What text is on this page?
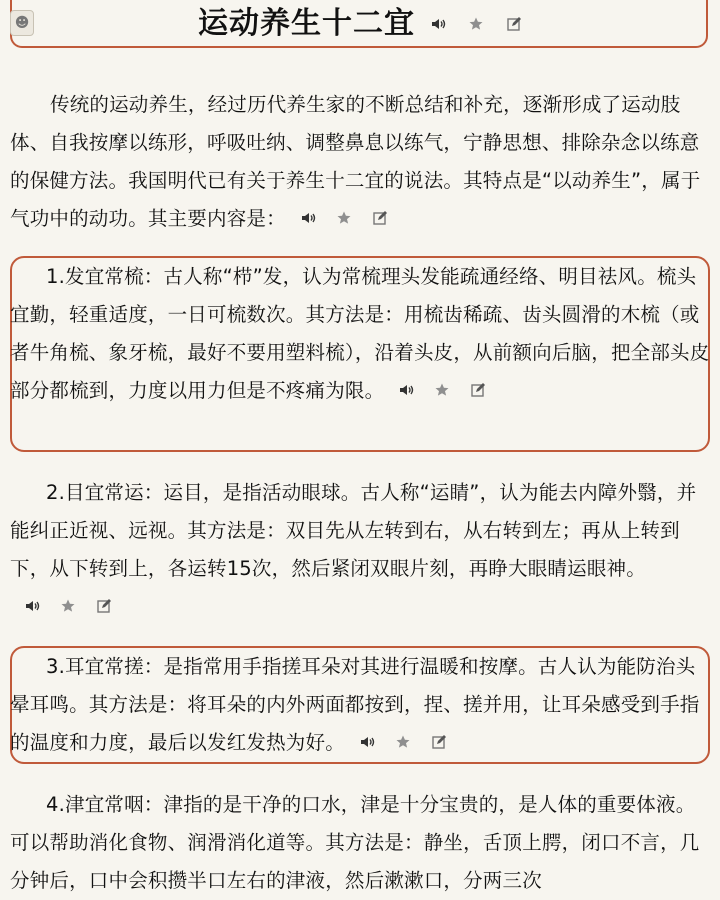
☻	运动养生十二宜

传统的运动养生，经过历代养生家的不断总结和补充，逐渐形成了运动肢体、自我按摩以练形，呼吸吐纳、调整鼻息以练气，宁静思想、排除杂念以练意的保健方法。我国明代已有关于养生十二宜的说法。其特点是“以动养生”，属于气功中的动功。其主要内容是：

1.发宜常梳：古人称“栉”发，认为常梳理头发能疏通经络、明目祛风。梳头宜勤，轻重适度，一日可梳数次。其方法是：用梳齿稀疏、齿头圆滑的木梳（或者牛角梳、象牙梳，最好不要用塑料梳），沿着头皮，从前额向后脑，把全部头皮部分都梳到，力度以用力但是不疼痛为限。

2.目宜常运：运目，是指活动眼球。古人称“运睛”，认为能去内障外翳，并能纠正近视、远视。其方法是：双目先从左转到右，从右转到左；再从上转到下，从下转到上，各运转15次，然后紧闭双眼片刻，再睁大眼睛运眼神。

3.耳宜常搓：是指常用手指搓耳朵对其进行温暖和按摩。古人认为能防治头晕耳鸣。其方法是：将耳朵的内外两面都按到，捏、搓并用，让耳朵感受到手指的温度和力度，最后以发红发热为好。

4.津宜常咽：津指的是干净的口水，津是十分宝贵的，是人体的重要体液。可以帮助消化食物、润滑消化道等。其方法是：静坐，舌顶上腭，闭口不言，几分钟后，口中会积攒半口左右的津液，然后漱漱口，分两三次
